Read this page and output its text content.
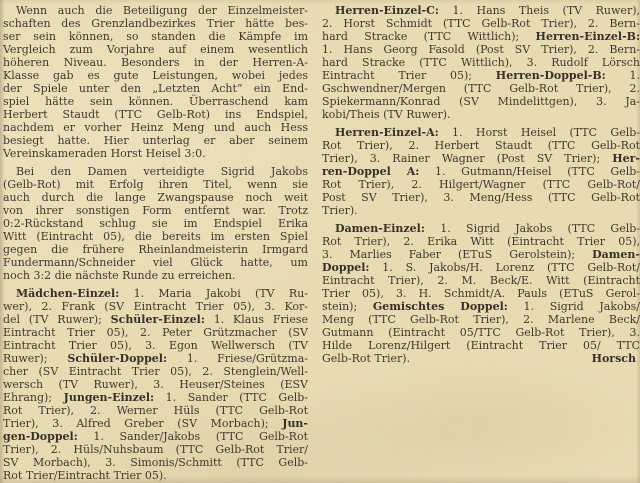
Wenn auch die Beteiligung der Einzelmeister-
schaften des Grenzlandbezirkes Trier hätte bes-
ser sein können, so standen die Kämpfe im
Vergleich zum Vorjahre auf einem wesentlich
höheren Niveau. Besonders in der Herren-A-
Klasse gab es gute Leistungen, wobei jedes
der Spiele unter den „Letzten Acht“ ein End-
spiel hätte sein können. Überraschend kam
Herbert Staudt (TTC Gelb-Rot) ins Endspiel,
nachdem er vorher Heinz Meng und auch Hess
besiegt hatte. Hier unterlag er aber seinem
Vereinskameraden Horst Heisel 3:0.
Bei den Damen verteidigte Sigrid Jakobs
(Gelb-Rot) mit Erfolg ihren Titel, wenn sie
auch durch die lange Zwangspause noch weit
von ihrer sonstigen Form entfernt war. Trotz
0:2-Rückstand schlug sie im Endspiel Erika
Witt (Eintracht 05), die bereits im ersten Spiel
gegen die frühere Rheinlandmeisterin Irmgard
Fundermann/Schneider viel Glück hatte, um
noch 3:2 die nächste Runde zu erreichen.
Mädchen-Einzel: 1. Maria Jakobi (TV Ru-
wer), 2. Frank (SV Eintracht Trier 05), 3. Kor-
del (TV Ruwer); Schüler-Einzel: 1. Klaus Friese
Eintracht Trier 05), 2. Peter Grützmacher (SV
Eintracht Trier 05), 3. Egon Wellwersch (TV
Ruwer); Schüler-Doppel: 1. Friese/Grützma-
cher (SV Eintracht Trier 05), 2. Stenglein/Well-
wersch (TV Ruwer), 3. Heuser/Steines (ESV
Ehrang); Jungen-Einzel: 1. Sander (TTC Gelb-
Rot Trier), 2. Werner Hüls (TTC Gelb-Rot
Trier), 3. Alfred Greber (SV Morbach); Jun-
gen-Doppel: 1. Sander/Jakobs (TTC Gelb-Rot
Trier), 2. Hüls/Nuhsbaum (TTC Gelb-Rot Trier/
SV Morbach), 3. Simonis/Schmitt (TTC Gelb-
Rot Trier/Eintracht Trier 05).
Herren-Einzel-C: 1. Hans Theis (TV Ruwer),
2. Horst Schmidt (TTC Gelb-Rot Trier), 2. Bern-
hard Stracke (TTC Wittlich); Herren-Einzel-B:
1. Hans Georg Fasold (Post SV Trier), 2. Bern-
hard Stracke (TTC Wittlich), 3. Rudolf Lörsch
Eintracht Trier 05); Herren-Doppel-B: 1.
Gschwendner/Mergen (TTC Gelb-Rot Trier), 2.
Spiekermann/Konrad (SV Mindelittgen), 3. Ja-
kobi/Theis (TV Ruwer).
Herren-Einzel-A: 1. Horst Heisel (TTC Gelb-
Rot Trier), 2. Herbert Staudt (TTC Gelb-Rot
Trier), 3. Rainer Wagner (Post SV Trier); Her-
ren-Doppel A: 1. Gutmann/Heisel (TTC Gelb-
Rot Trier), 2. Hilgert/Wagner (TTC Gelb-Rot/
Post SV Trier), 3. Meng/Hess (TTC Gelb-Rot
Trier).
Damen-Einzel: 1. Sigrid Jakobs (TTC Gelb-
Rot Trier), 2. Erika Witt (Eintracht Trier 05),
3. Marlies Faber (ETuS Gerolstein); Damen-
Doppel: 1. S. Jakobs/H. Lorenz (TTC Gelb-Rot/
Eintracht Trier), 2. M. Beck/E. Witt (Eintracht
Trier 05), 3. H. Schmidt/A. Pauls (ETuS Gerol-
stein); Gemischtes Doppel: 1. Sigrid Jakobs/
Meng (TTC Gelb-Rot Trier), 2. Marlene Beck/
Gutmann (Eintracht 05/TTC Gelb-Rot Trier), 3.
Hilde Lorenz/Hilgert (Eintracht Trier 05/ TTC
Gelb-Rot Trier).	Horsch
